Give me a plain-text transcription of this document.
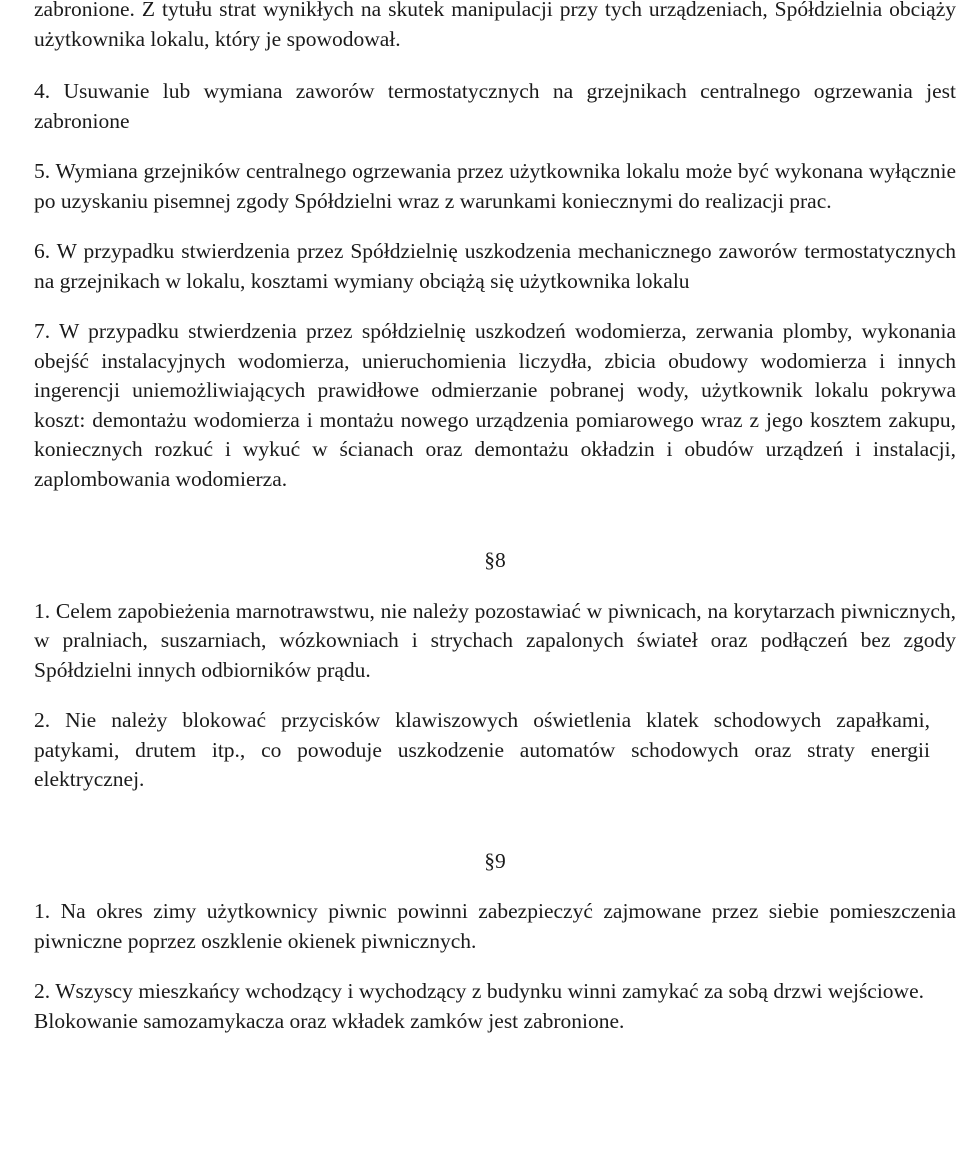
zabronione. Z tytułu strat wynikłych na skutek manipulacji przy tych urządzeniach, Spółdzielnia obciąży użytkownika lokalu, który je spowodował.

4. Usuwanie lub wymiana zaworów termostatycznych na grzejnikach centralnego ogrzewania jest zabronione

5. Wymiana grzejników centralnego ogrzewania przez użytkownika lokalu może być wykonana wyłącznie po uzyskaniu pisemnej zgody Spółdzielni wraz z warunkami koniecznymi do realizacji prac.

6. W przypadku stwierdzenia przez Spółdzielnię uszkodzenia mechanicznego zaworów termostatycznych na grzejnikach w lokalu, kosztami wymiany obciążą się użytkownika lokalu

7. W przypadku stwierdzenia przez spółdzielnię uszkodzeń wodomierza, zerwania plomby, wykonania obejść instalacyjnych wodomierza, unieruchomienia liczydła, zbicia obudowy wodomierza i innych ingerencji uniemożliwiających prawidłowe odmierzanie pobranej wody, użytkownik lokalu pokrywa koszt: demontażu wodomierza i montażu nowego urządzenia pomiarowego wraz z jego kosztem zakupu, koniecznych rozkuć i wykuć w ścianach oraz demontażu okładzin i obudów urządzeń i instalacji, zaplombowania wodomierza.

§8

1. Celem zapobieżenia marnotrawstwu, nie należy pozostawiać w piwnicach, na korytarzach piwnicznych, w pralniach, suszarniach, wózkowniach i strychach zapalonych świateł oraz podłączeń bez zgody Spółdzielni innych odbiorników prądu.

2. Nie należy blokować przycisków klawiszowych oświetlenia klatek schodowych zapałkami, patykami, drutem itp., co powoduje uszkodzenie automatów schodowych oraz straty energii elektrycznej.

§9

1. Na okres zimy użytkownicy piwnic powinni zabezpieczyć zajmowane przez siebie pomieszczenia piwniczne poprzez oszklenie okienek piwnicznych.

2. Wszyscy mieszkańcy wchodzący i wychodzący z budynku winni zamykać za sobą drzwi wejściowe. Blokowanie samozamykacza oraz wkładek zamków jest zabronione.
